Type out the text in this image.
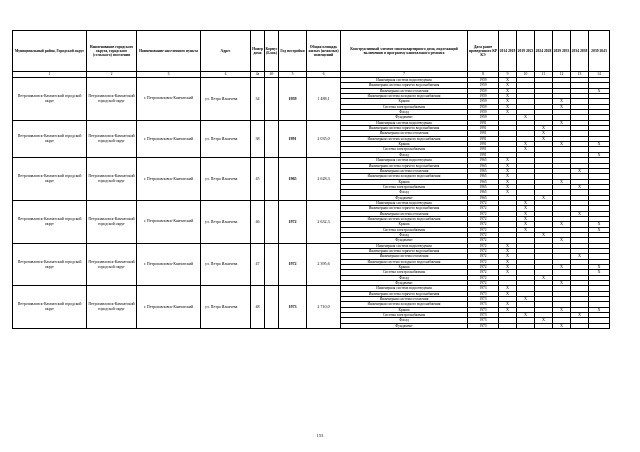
Муниципальный район, Городской округ	Наименование городского округа, городского (сельского) поселения	Наименование населенного пункта	Адрес	Номер дома	Корпус (Блок)	Год постройки	Общая площадь жилых (нежилых) помещений	Конструктивный элемент многоквартирного дома, подлежащий включению в программу капитального ремонта	Дата ранее проведенного КР КЭ	2014 2018	2019 2023	2024 2028	2029 2033	2034 2038	2039 2043
1	2	3	4	4а	4б	5	6	7	8	9	10	11	12	13	14
Петропавловск-Камчатский городской округ	Петропавловск-Камчатский городской округ	г. Петропавловск-Камчатский	ул. Петра Ильичева	34		1959	1 488,1	Инженерная система водоотведения	1959	X					
								Инженерная система горячего водоснабжения	1959	X					
								Инженерная система отопления	1959	X					X
								Инженерная система холодного водоснабжения	1959	X					
								Крыша	1959	X			X		
								Система электроснабжения	1959	X			X		
								Фасад	1959	X					
								Фундамент	1959		X				
Петропавловск-Камчатский городской округ	Петропавловск-Камчатский городской округ	г. Петропавловск-Камчатский	ул. Петра Ильичева	38		1991	2 035,0	Инженерная система водоотведения	1991				X		
								Инженерная система горячего водоснабжения	1991			X			
								Инженерная система отопления	1991			X			
								Инженерная система холодного водоснабжения	1991			X			
								Крыша	1991		X		X		X
								Система электроснабжения	1991		X				
								Фасад	1991						X
Петропавловск-Камчатский городской округ	Петропавловск-Камчатский городской округ	г. Петропавловск-Камчатский	ул. Петра Ильичева	45		1965	2 628,3	Инженерная система водоотведения	1965	X					
								Инженерная система горячего водоснабжения	1965	X					
								Инженерная система отопления	1965	X				X	
								Инженерная система холодного водоснабжения	1965	X					
								Крыша	1965	X			X		
								Система электроснабжения	1965	X				X	
								Фасад	1965	X					
								Фундамент	1965			X			
Петропавловск-Камчатский городской округ	Петропавловск-Камчатский городской округ	г. Петропавловск-Камчатский	ул. Петра Ильичева	46		1972	2 632,3	Инженерная система водоотведения	1972		X				
								Инженерная система горячего водоснабжения	1972		X				
								Инженерная система отопления	1972		X			X	
								Инженерная система холодного водоснабжения	1972		X				
								Крыша	1972		X		X		X
								Система электроснабжения	1972		X				X
								Фасад	1972			X			
								Фундамент	1972				X		
Петропавловск-Камчатский городской округ	Петропавловск-Камчатский городской округ	г. Петропавловск-Камчатский	ул. Петра Ильичева	47		1972	2 395,6	Инженерная система водоотведения	1972	X					
								Инженерная система горячего водоснабжения	1972	X					
								Инженерная система отопления	1972	X				X	
								Инженерная система холодного водоснабжения	1972	X					
								Крыша	1972	X			X		X
								Система электроснабжения	1972	X					X
								Фасад	1972			X			
								Фундамент	1972				X		
Петропавловск-Камчатский городской округ	Петропавловск-Камчатский городской округ	г. Петропавловск-Камчатский	ул. Петра Ильичева	48		1973	2 710,0	Инженерная система водоотведения	1973	X					
								Инженерная система горячего водоснабжения	1973	X					
								Инженерная система отопления	1973		X				
								Инженерная система холодного водоснабжения	1973	X					
								Крыша	1973	X			X		X
								Система электроснабжения	1973		X			X	
								Фасад	1973			X			
								Фундамент	1973				X		
153
